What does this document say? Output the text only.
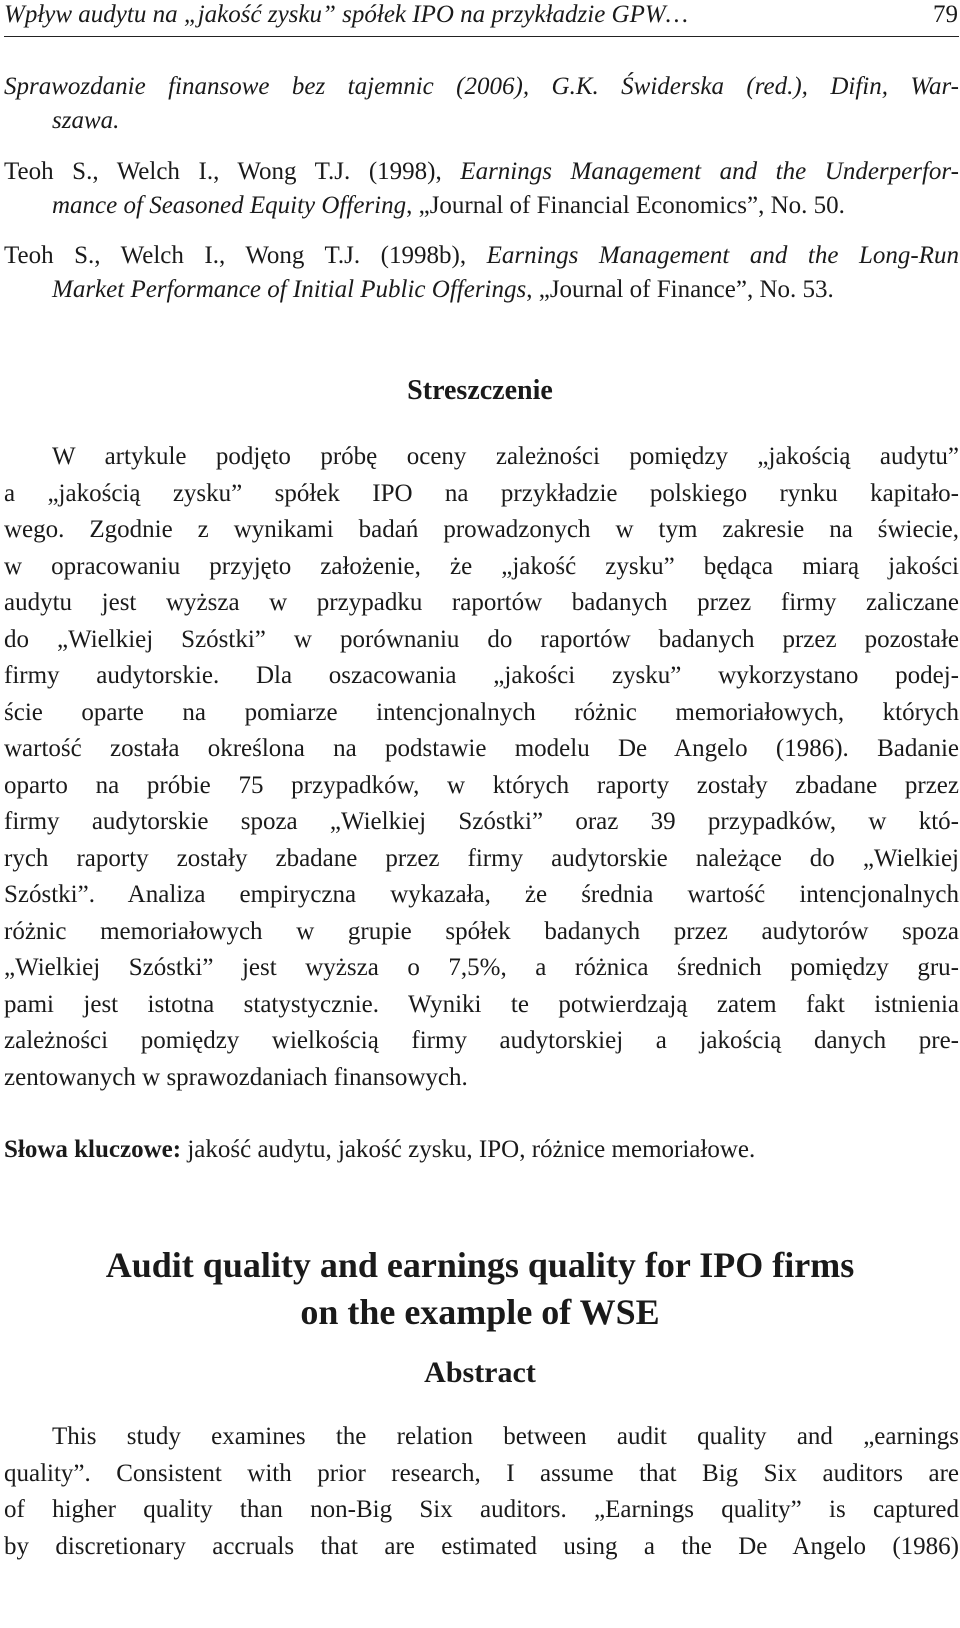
Wpływ audytu na „jakość zysku” spółek IPO na przykładzie GPW…	79
Sprawozdanie finansowe bez tajemnic (2006), G.K. Świderska (red.), Difin, War-
szawa.
Teoh S., Welch I., Wong T.J. (1998), Earnings Management and the Underperfor-
mance of Seasoned Equity Offering, „Journal of Financial Economics”, No. 50.
Teoh S., Welch I., Wong T.J. (1998b), Earnings Management and the Long-Run
Market Performance of Initial Public Offerings, „Journal of Finance”, No. 53.
Streszczenie
W artykule podjęto próbę oceny zależności pomiędzy „jakością audytu”
a „jakością zysku” spółek IPO na przykładzie polskiego rynku kapitało-
wego. Zgodnie z wynikami badań prowadzonych w tym zakresie na świecie,
w opracowaniu przyjęto założenie, że „jakość zysku” będąca miarą jakości
audytu jest wyższa w przypadku raportów badanych przez firmy zaliczane
do „Wielkiej Szóstki” w porównaniu do raportów badanych przez pozostałe
firmy audytorskie. Dla oszacowania „jakości zysku” wykorzystano podej-
ście oparte na pomiarze intencjonalnych różnic memoriałowych, których
wartość została określona na podstawie modelu De Angelo (1986). Badanie
oparto na próbie 75 przypadków, w których raporty zostały zbadane przez
firmy audytorskie spoza „Wielkiej Szóstki” oraz 39 przypadków, w któ-
rych raporty zostały zbadane przez firmy audytorskie należące do „Wielkiej
Szóstki”. Analiza empiryczna wykazała, że średnia wartość intencjonalnych
różnic memoriałowych w grupie spółek badanych przez audytorów spoza
„Wielkiej Szóstki” jest wyższa o 7,5%, a różnica średnich pomiędzy gru-
pami jest istotna statystycznie. Wyniki te potwierdzają zatem fakt istnienia
zależności pomiędzy wielkością firmy audytorskiej a jakością danych pre-
zentowanych w sprawozdaniach finansowych.
Słowa kluczowe: jakość audytu, jakość zysku, IPO, różnice memoriałowe.
Audit quality and earnings quality for IPO firms
on the example of WSE
Abstract
This study examines the relation between audit quality and „earnings
quality”. Consistent with prior research, I assume that Big Six auditors are
of higher quality than non-Big Six auditors. „Earnings quality” is captured
by discretionary accruals that are estimated using a the De Angelo (1986)
